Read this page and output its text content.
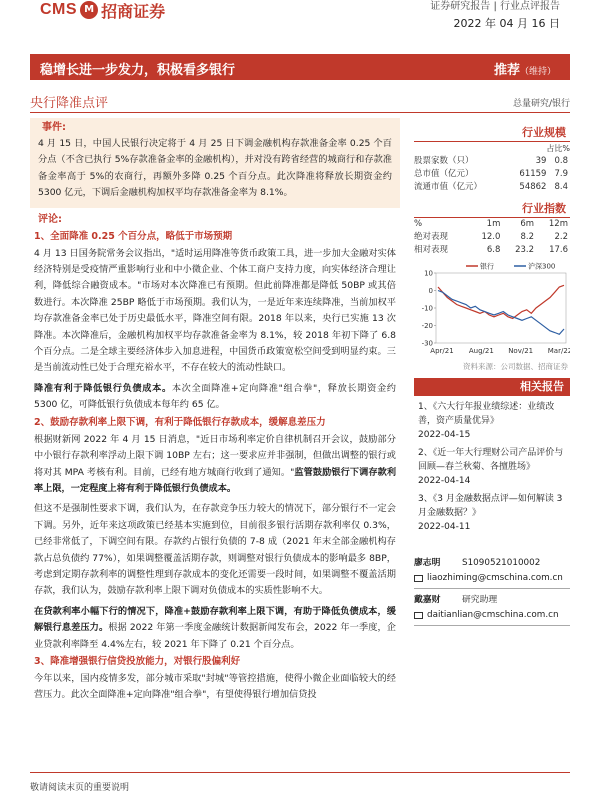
CMS M 招商证券	证券研究报告 | 行业点评报告
2022 年 04 月 16 日
稳增长进一步发力，积极看多银行	推荐（维持）
央行降准点评	总量研究/银行
事件:
4 月 15 日，中国人民银行决定将于 4 月 25 日下调金融机构存款准备金率 0.25 个百分点（不含已执行 5%存款准备金率的金融机构），并对没有跨省经营的城商行和存款准备金率高于 5%的农商行，再额外多降 0.25 个百分点。此次降准将释放长期资金约 5300 亿元，下调后金融机构加权平均存款准备金率为 8.1%。
评论:
1、全面降准 0.25 个百分点，略低于市场预期
4 月 13 日国务院常务会议指出，"适时运用降准等货币政策工具，进一步加大金融对实体经济特别是受疫情严重影响行业和中小微企业、个体工商户支持力度，向实体经济合理让利，降低综合融资成本。"市场对本次降准已有预期。但此前降准都是降低 50BP 或其倍数进行。本次降准 25BP 略低于市场预期。我们认为，一是近年来连续降准，当前加权平均存款准备金率已处于历史最低水平，降准空间有限。2018 年以来，央行已实施 13 次降准。本次降准后，金融机构加权平均存款准备金率为 8.1%，较 2018 年初下降了 6.8 个百分点。二是全球主要经济体步入加息进程，中国货币政策宽松空间受到明显约束。三是当前流动性已处于合理充裕水平，不存在较大的流动性缺口。
降准有利于降低银行负债成本。本次全面降准+定向降准"组合拳"，释放长期资金约 5300 亿，可降低银行负债成本每年约 65 亿。
2、鼓励存款利率上限下调，有利于降低银行存款成本，缓解息差压力
根据财新网 2022 年 4 月 15 日消息，"近日市场利率定价自律机制召开会议，鼓励部分中小银行存款利率浮动上限下调 10BP 左右；这一要求应并非强制，但做出调整的银行或将对其 MPA 考核有利。目前，已经有地方城商行收到了通知。"监管鼓励银行下调存款利率上限，一定程度上将有利于降低银行负债成本。
但这不是强制性要求下调，我们认为，在存款竞争压力较大的情况下，部分银行不一定会下调。另外，近年来这项政策已经基本实施到位，目前很多银行活期存款利率仅 0.3%，已经非常低了，下调空间有限。存款约占银行负债的 7-8 成（2021 年末全部金融机构存款占总负债约 77%），如果调整覆盖活期存款，则调整对银行负债成本的影响最多 8BP，考虑到定期存款利率的调整性理到存款成本的变化还需要一段时间，如果调整不覆盖活期存款，我们认为，鼓励存款利率上限下调对负债成本的实质性影响不大。
在贷款利率小幅下行的情况下，降准+鼓励存款利率上限下调，有助于降低负债成本，缓解银行息差压力。根据 2022 年第一季度金融统计数据新闻发布会，2022 年一季度，企业贷款利率降至 4.4%左右，较 2021 年下降了 0.21 个百分点。
3、降准增强银行信贷投放能力，对银行股偏利好
今年以来，国内疫情多发，部分城市采取"封城"等管控措施，使得小微企业面临较大的经营压力。此次全面降准+定向降准"组合拳"，有望使得银行增加信贷投
行业规模
占比%		
股票家数（只）	39	0.8
总市值（亿元）	61159	7.9
流通市值（亿元）	54862	8.4
行业指数
%	1m	6m	12m
绝对表现	12.0	8.2	2.2
相对表现	6.8	23.2	17.6
10
0
-10
-20
-30
Apr/21 Aug/21 Nov/21 Mar/22
银行	沪深300
资料来源：公司数据、招商证券
相关报告
1、《六大行年报业绩综述：业绩改善，资产质量优异》
2022-04-15
2、《近一年大行理财公司产品评价与回顾—春兰秋菊、各擅胜场》
2022-04-14
3、《3 月金融数据点评—如何解读 3 月金融数据？》
2022-04-11
廖志明	S1090521010002
liaozhiming@cmschina.com.cn
戴嘉财	研究助理
daitianlian@cmschina.com.cn
敬请阅读末页的重要说明
